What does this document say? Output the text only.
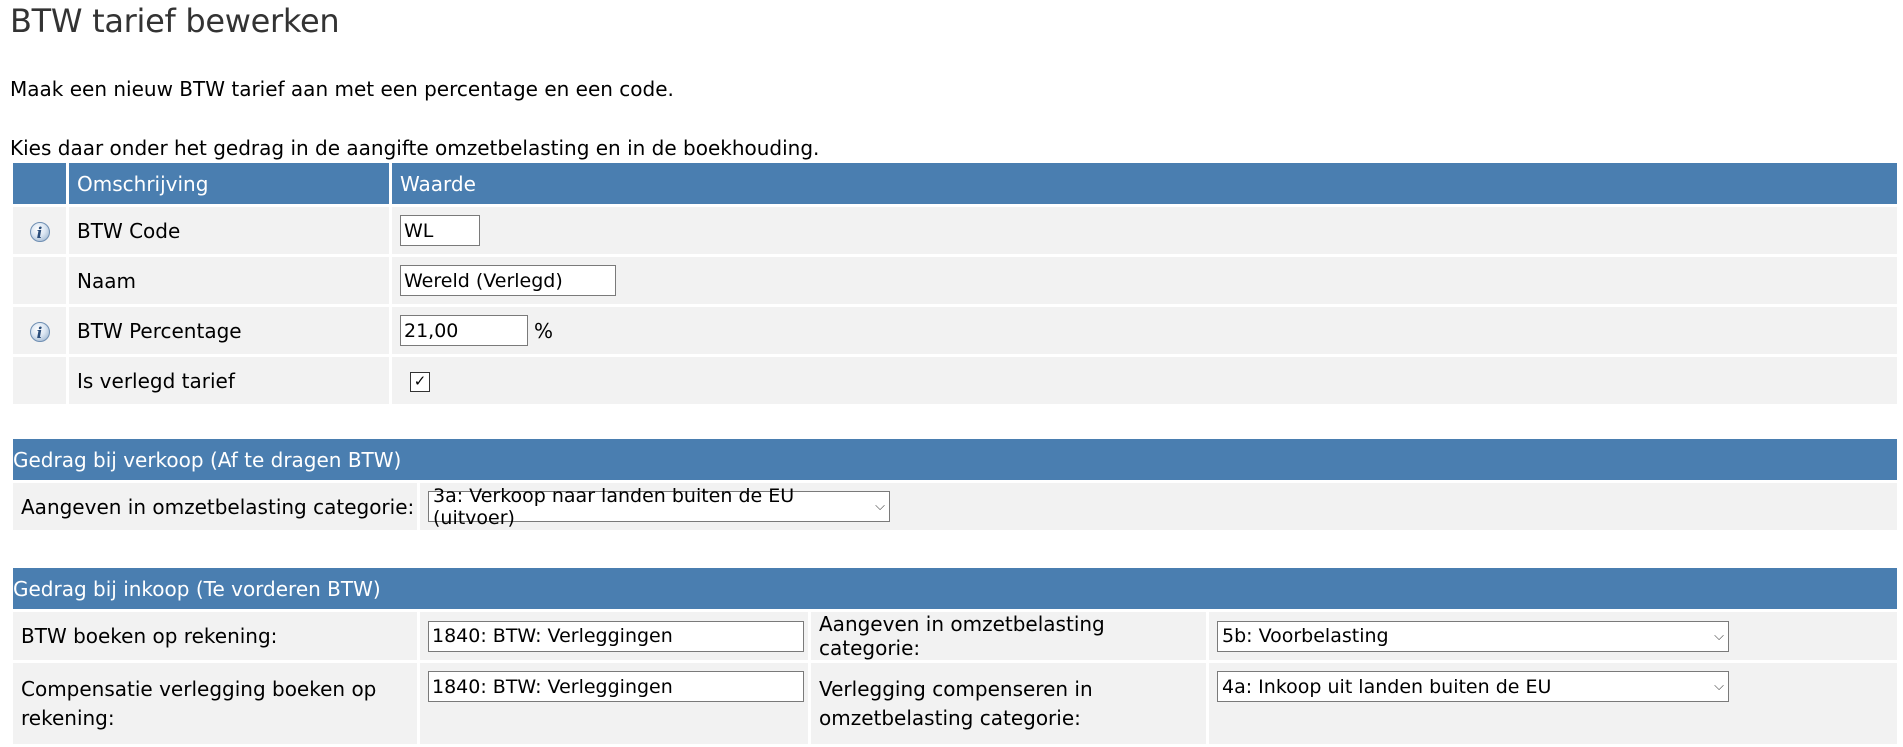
BTW tarief bewerken

Maak een nieuw BTW tarief aan met een percentage en een code.

Kies daar onder het gedrag in de aangifte omzetbelasting en in de boekhouding.

	Omschrijving	Waarde
i	BTW Code	WL
	Naam	Wereld (Verlegd)
i	BTW Percentage	21,00%
	Is verlegd tarief	✓
Gedrag bij verkoop (Af te dragen BTW)
Aangeven in omzetbelasting categorie:	3a: Verkoop naar landen buiten de EU (uitvoer)	⌵
Gedrag bij inkoop (Te vorderen BTW)			
BTW boeken op rekening:	1840: BTW: Verleggingen	Aangeven in omzetbelasting categorie:	5b: Voorbelasting ⌵

Compensatie verlegging boeken op rekening:	1840: BTW: Verleggingen	Verlegging compenseren in omzetbelasting categorie:	4a: Inkoop uit landen buiten de EU ⌵
